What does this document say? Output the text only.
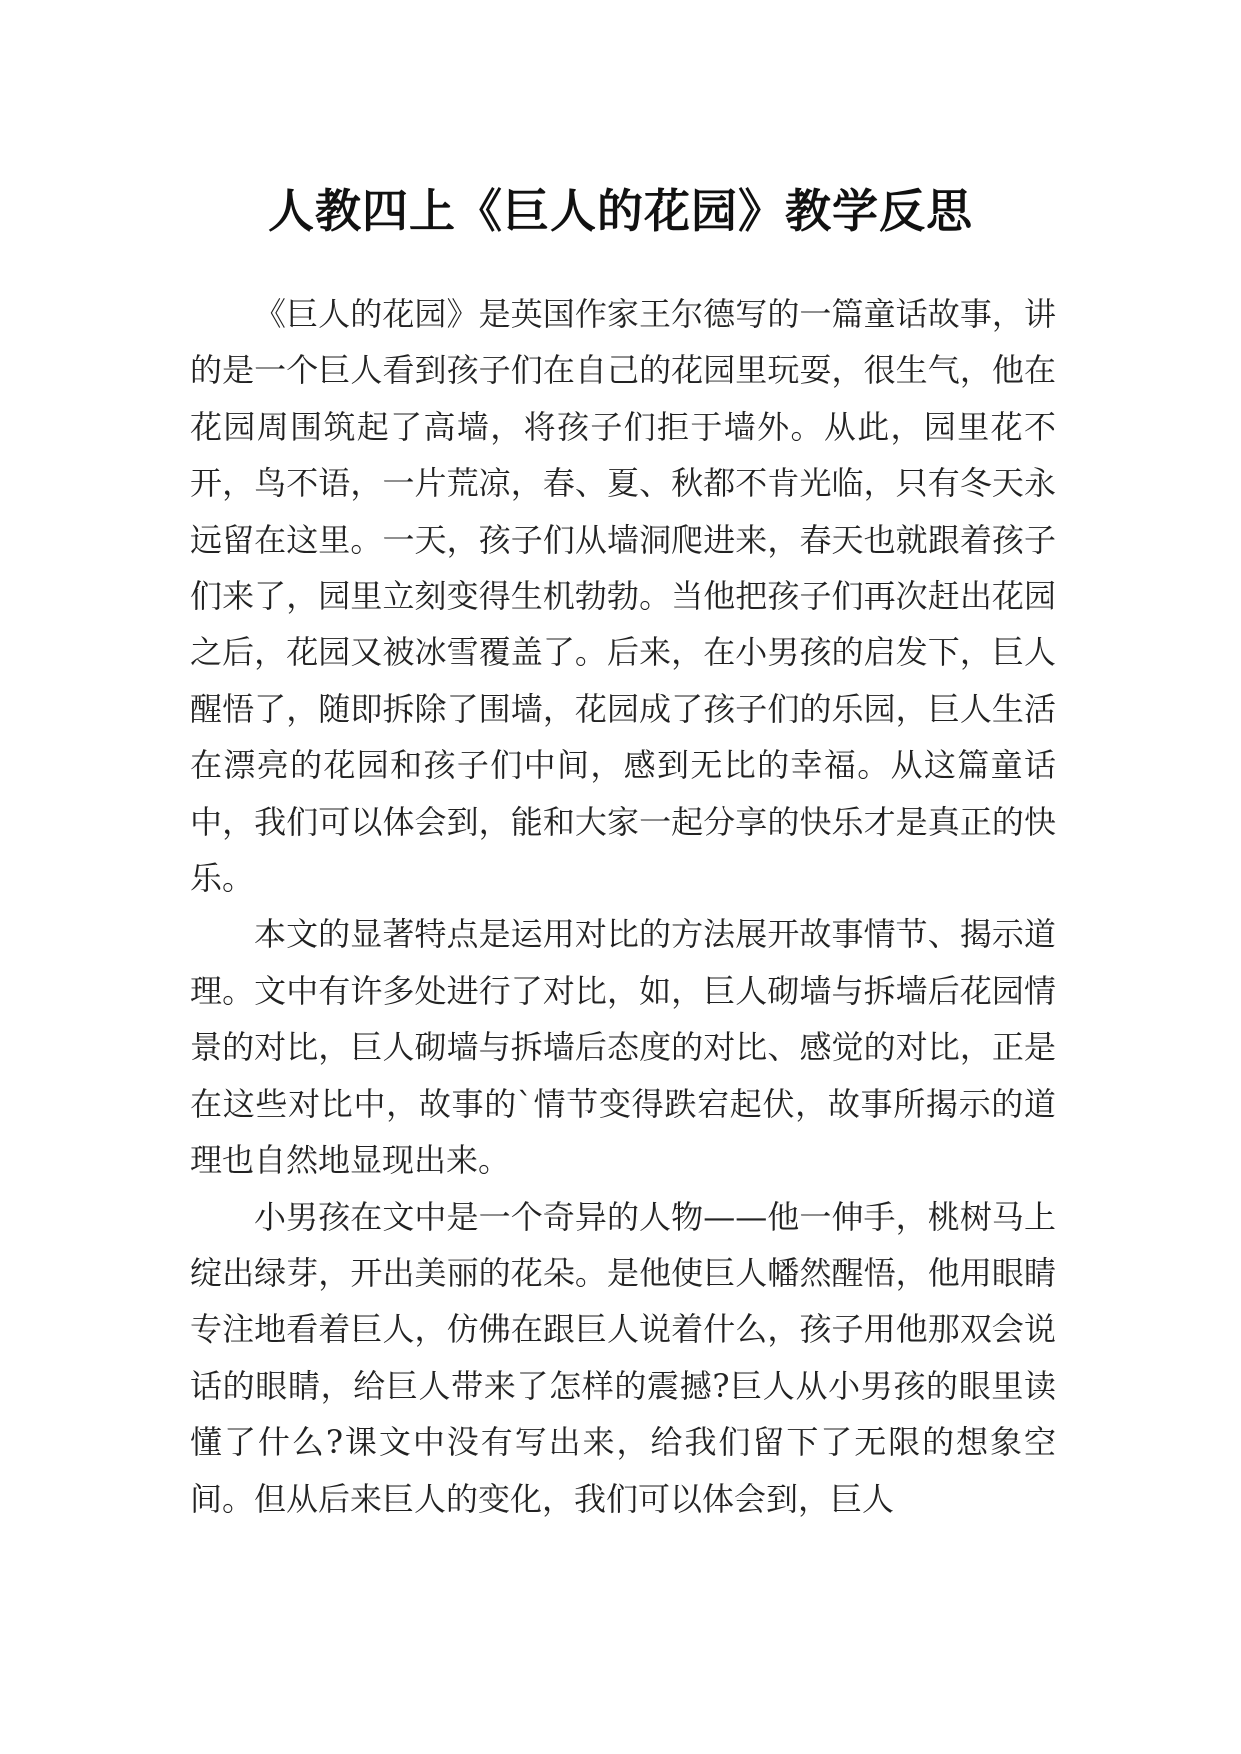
人教四上《巨人的花园》教学反思

《巨人的花园》是英国作家王尔德写的一篇童话故事，讲的是一个巨人看到孩子们在自己的花园里玩耍，很生气，他在花园周围筑起了高墙，将孩子们拒于墙外。从此，园里花不开，鸟不语，一片荒凉，春、夏、秋都不肯光临，只有冬天永远留在这里。一天，孩子们从墙洞爬进来，春天也就跟着孩子们来了，园里立刻变得生机勃勃。当他把孩子们再次赶出花园之后，花园又被冰雪覆盖了。后来，在小男孩的启发下，巨人醒悟了，随即拆除了围墙，花园成了孩子们的乐园，巨人生活在漂亮的花园和孩子们中间，感到无比的幸福。从这篇童话中，我们可以体会到，能和大家一起分享的快乐才是真正的快乐。

本文的显著特点是运用对比的方法展开故事情节、揭示道理。文中有许多处进行了对比，如，巨人砌墙与拆墙后花园情景的对比，巨人砌墙与拆墙后态度的对比、感觉的对比，正是在这些对比中，故事的`情节变得跌宕起伏，故事所揭示的道理也自然地显现出来。

小男孩在文中是一个奇异的人物——他一伸手，桃树马上绽出绿芽，开出美丽的花朵。是他使巨人幡然醒悟，他用眼睛专注地看着巨人，仿佛在跟巨人说着什么，孩子用他那双会说话的眼睛，给巨人带来了怎样的震撼?巨人从小男孩的眼里读懂了什么?课文中没有写出来，给我们留下了无限的想象空间。但从后来巨人的变化，我们可以体会到，巨人
